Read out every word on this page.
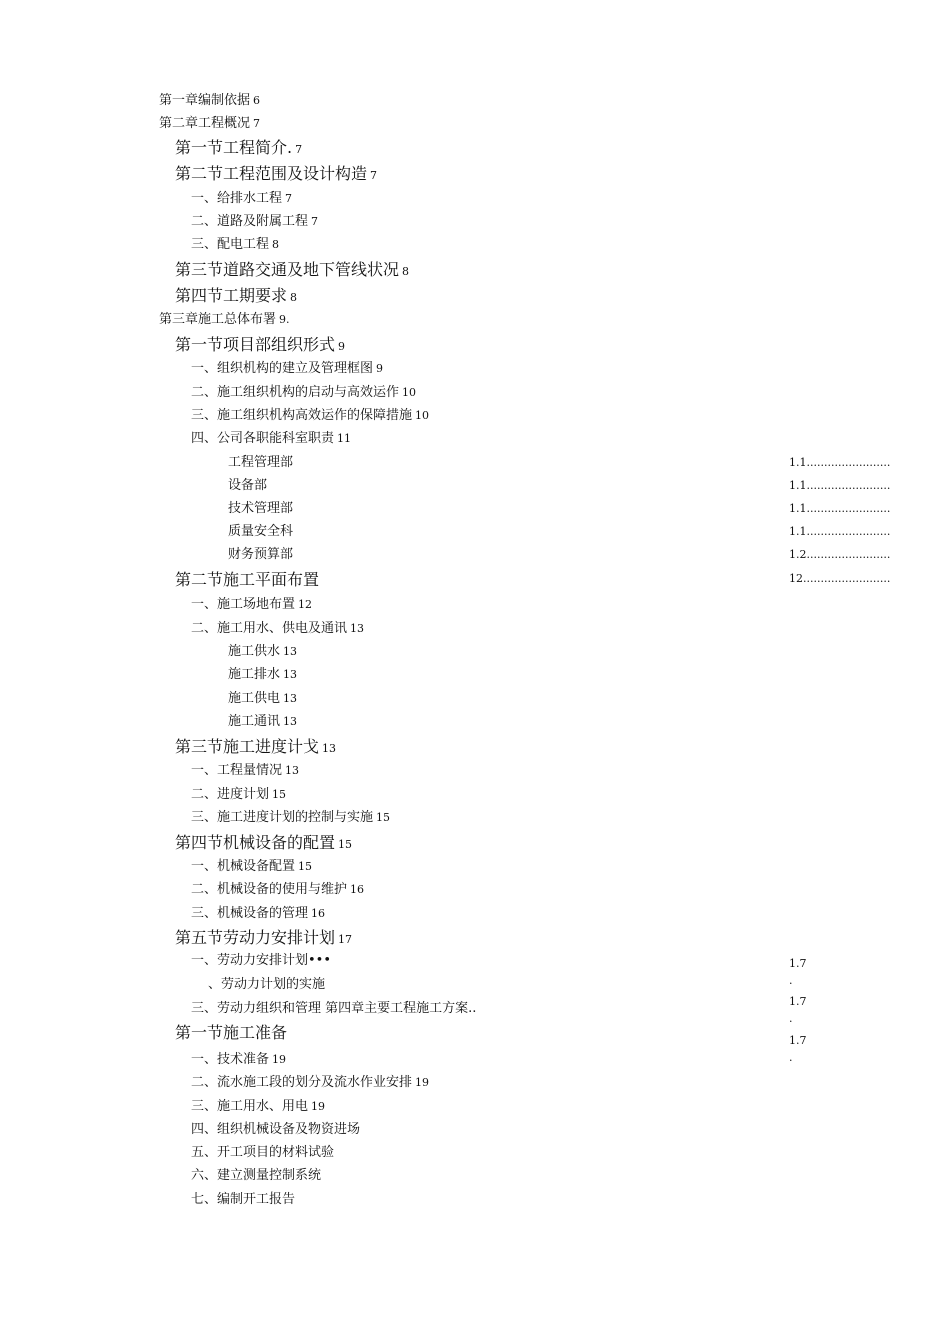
第一章编制依据 6
第二章工程概况 7
第一节工程简介. 7
第二节工程范围及设计构造 7
一、给排水工程 7
二、道路及附属工程 7
三、配电工程 8
第三节道路交通及地下管线状况 8
第四节工期要求 8
第三章施工总体布署 9.
第一节项目部组织形式 9
一、组织机构的建立及管理框图 9
二、施工组织机构的启动与高效运作 10
三、施工组织机构高效运作的保障措施 10
四、公司各职能科室职责 11
工程管理部
设备部
技术管理部
质量安全科
财务预算部
第二节施工平面布置
一、施工场地布置 12
二、施工用水、供电及通讯 13
施工供水 13
施工排水 13
施工供电 13
施工通讯 13
第三节施工进度计戈 13
一、工程量情况 13
二、进度计划 15
三、施工进度计划的控制与实施 15
第四节机械设备的配置 15
一、机械设备配置 15
二、机械设备的使用与维护 16
三、机械设备的管理 16
第五节劳动力安排计划 17
一、劳动力安排计划•••
、劳动力计划的实施
三、劳动力组织和管理 第四章主要工程施工方案..
第一节施工准备
一、技术准备 19
二、流水施工段的划分及流水作业安排 19
三、施工用水、用电 19
四、组织机械设备及物资进场
五、开工项目的材料试验
六、建立测量控制系统
七、编制开工报告
1.1........................
1.1........................
1.1........................
1.1........................
1.2........................
12.........................
1.7
.
1.7
.
1.7
.
